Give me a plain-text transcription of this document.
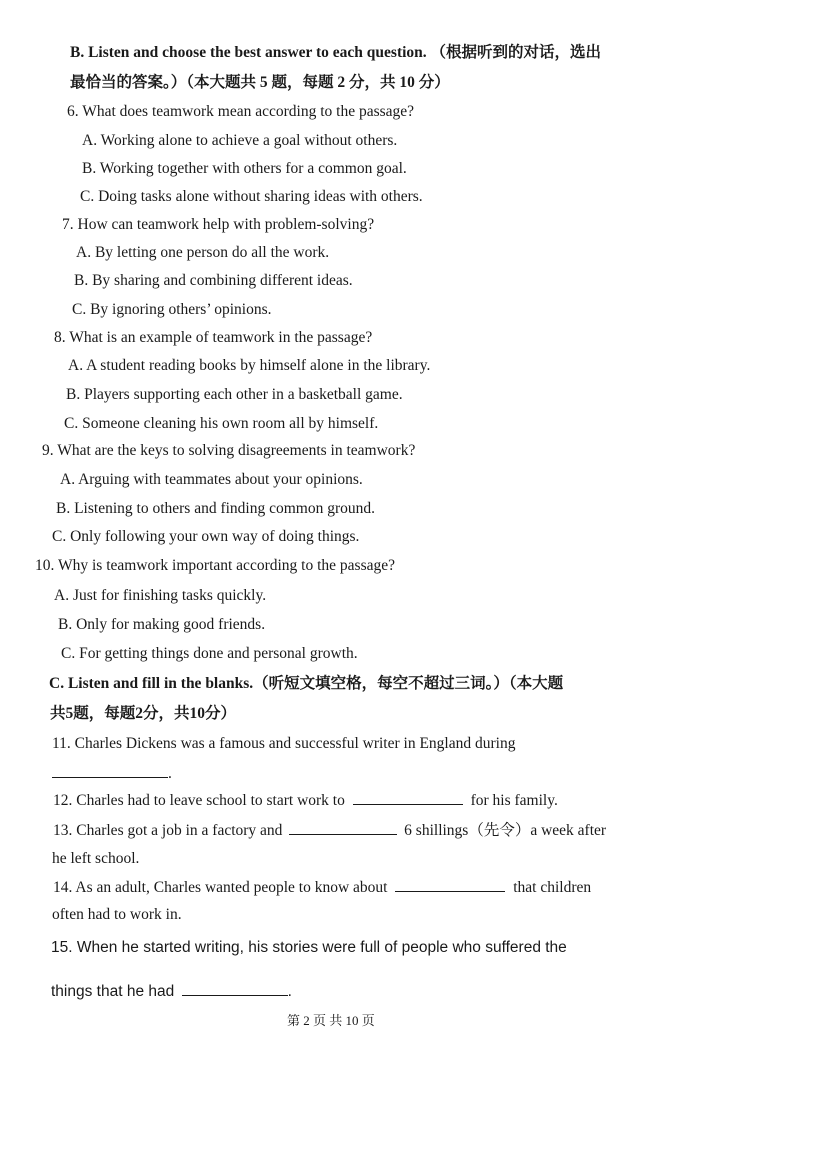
B. Listen and choose the best answer to each question. （根据听到的对话，选出
最恰当的答案。）（本大题共 5 题，每题 2 分，共 10 分）
6. What does teamwork mean according to the passage?
A. Working alone to achieve a goal without others.
B. Working together with others for a common goal.
C. Doing tasks alone without sharing ideas with others.
7. How can teamwork help with problem-solving?
A. By letting one person do all the work.
B. By sharing and combining different ideas.
C. By ignoring others’ opinions.
8. What is an example of teamwork in the passage?
A. A student reading books by himself alone in the library.
B. Players supporting each other in a basketball game.
C. Someone cleaning his own room all by himself.
9. What are the keys to solving disagreements in teamwork?
A. Arguing with teammates about your opinions.
B. Listening to others and finding common ground.
C. Only following your own way of doing things.
10. Why is teamwork important according to the passage?
A. Just for finishing tasks quickly.
B. Only for making good friends.
C. For getting things done and personal growth.
C. Listen and fill in the blanks.（听短文填空格，每空不超过三词。）（本大题
共5题，每题2分，共10分）
11. Charles Dickens was a famous and successful writer in England during
.
12. Charles had to leave school to start work to	for his family.
13. Charles got a job in a factory and	6 shillings（先令）a week after
he left school.
14. As an adult, Charles wanted people to know about	that children
often had to work in.
15. When he started writing, his stories were full of people who suffered the
things that he had	.
第 2 页 共 10 页
